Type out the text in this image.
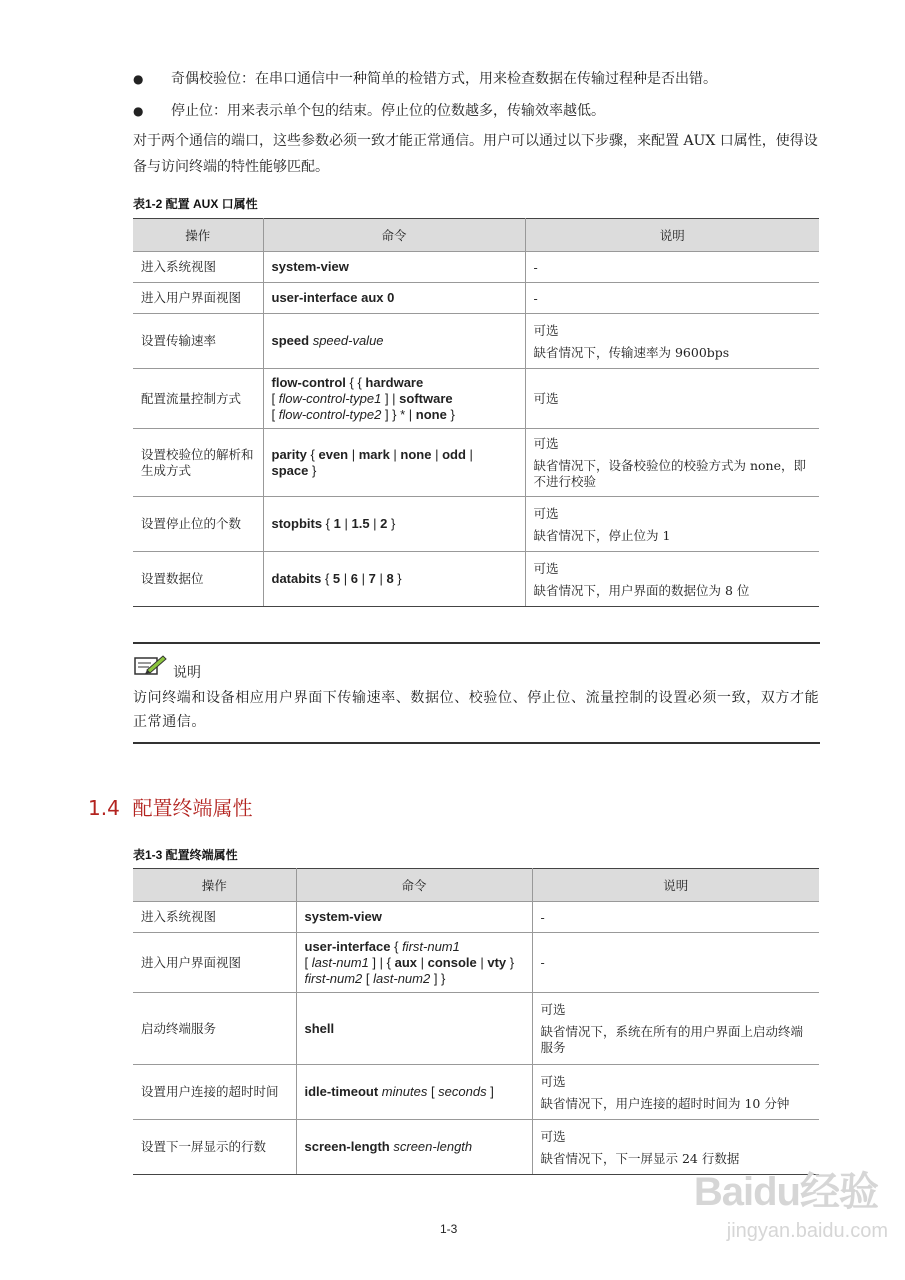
● 奇偶校验位：在串口通信中一种简单的检错方式，用来检查数据在传输过程种是否出错。
● 停止位：用来表示单个包的结束。停止位的位数越多，传输效率越低。
对于两个通信的端口，这些参数必须一致才能正常通信。用户可以通过以下步骤，来配置 AUX 口属性，使得设备与访问终端的特性能够匹配。
表1-2 配置 AUX 口属性
操作	命令	说明
进入系统视图	system-view	-

进入用户界面视图	user-interface aux 0	-

设置传输速率	speed speed-value	可选
缺省情况下，传输速率为 9600bps

配置流量控制方式	flow-control { { hardware
[ flow-control-type1 ] | software
[ flow-control-type2 ] } * | none }	可选

设置校验位的解析和生成方式	parity { even | mark | none | odd |
space }	可选
缺省情况下，设备校验位的校验方式为 none，即不进行校验

设置停止位的个数	stopbits { 1 | 1.5 | 2 }	可选
缺省情况下，停止位为 1

设置数据位	databits { 5 | 6 | 7 | 8 }	可选
缺省情况下，用户界面的数据位为 8 位
说明
访问终端和设备相应用户界面下传输速率、数据位、校验位、停止位、流量控制的设置必须一致，双方才能正常通信。
1.4 配置终端属性
表1-3 配置终端属性
操作	命令	说明
进入系统视图	system-view	-

进入用户界面视图	user-interface { first-num1
[ last-num1 ] | { aux | console | vty }
first-num2 [ last-num2 ] }	-

启动终端服务	shell	可选
缺省情况下，系统在所有的用户界面上启动终端服务

设置用户连接的超时时间	idle-timeout minutes [ seconds ]	可选
缺省情况下，用户连接的超时时间为 10 分钟

设置下一屏显示的行数	screen-length screen-length	可选
缺省情况下，下一屏显示 24 行数据
1-3
Baidu经验
jingyan.baidu.com
